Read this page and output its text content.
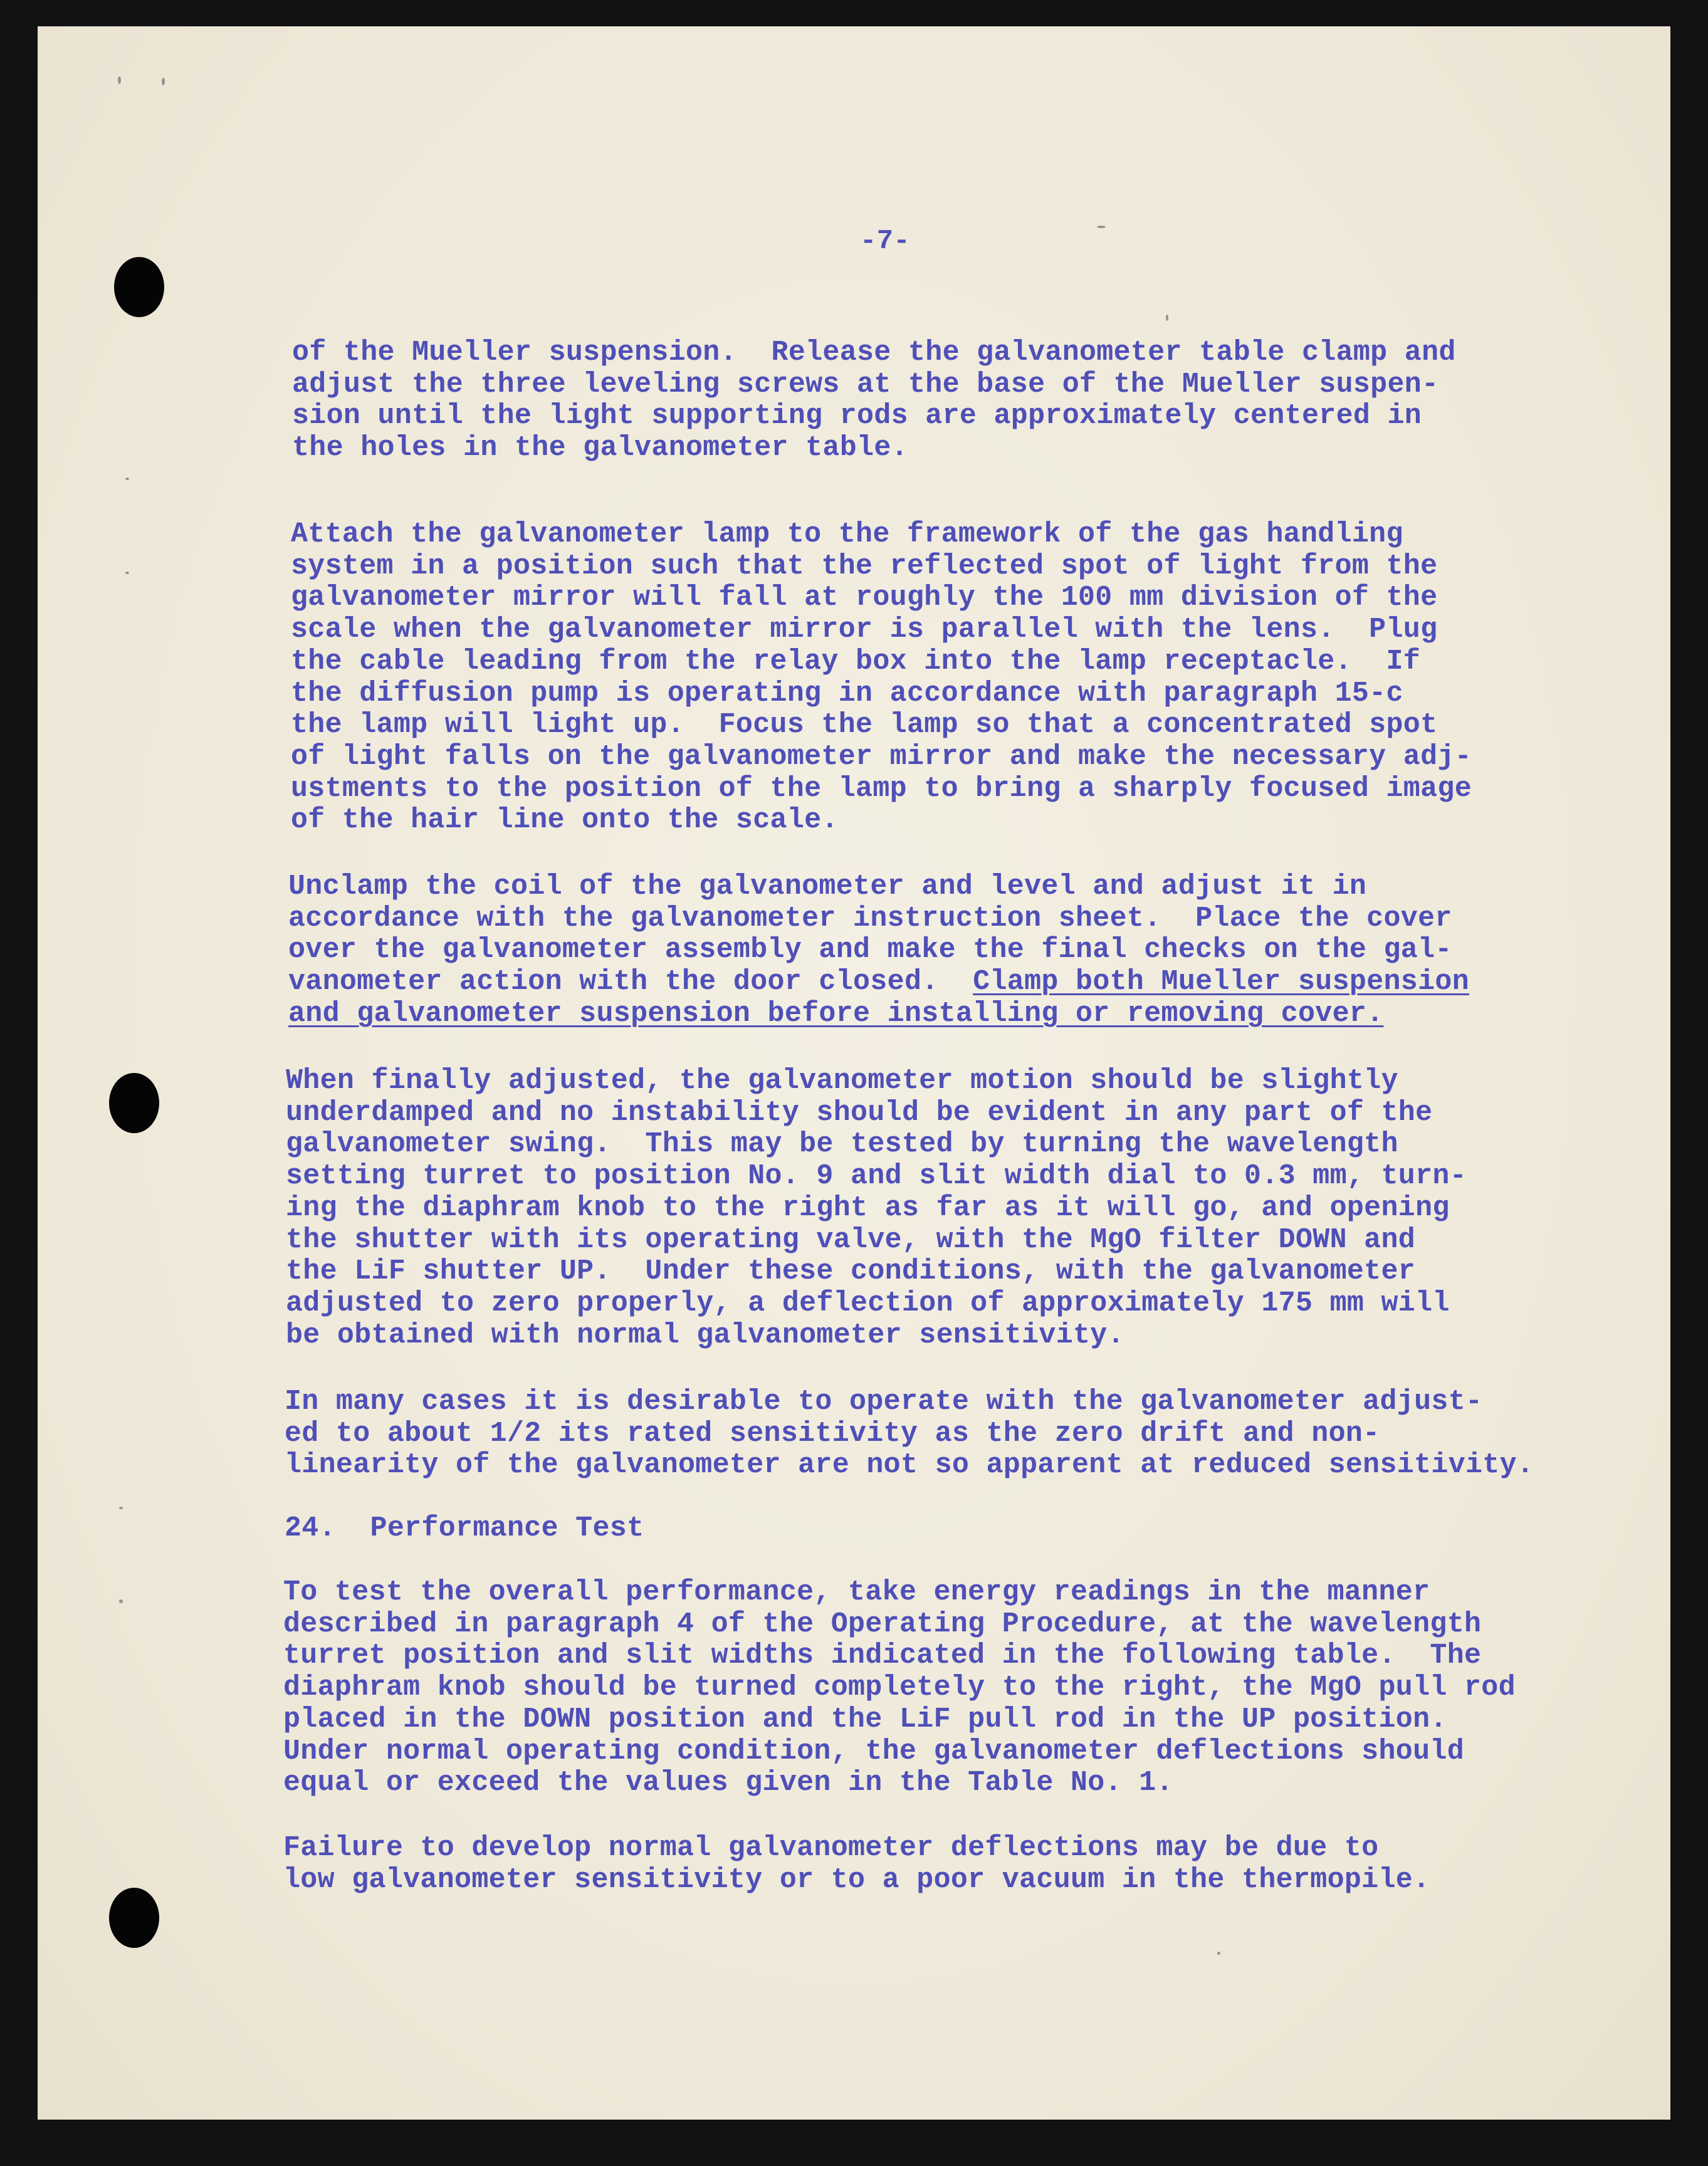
-7-

of the Mueller suspension.  Release the galvanometer table clamp and
adjust the three leveling screws at the base of the Mueller suspen-
sion until the light supporting rods are approximately centered in
the holes in the galvanometer table.

Attach the galvanometer lamp to the framework of the gas handling
system in a position such that the reflected spot of light from the
galvanometer mirror will fall at roughly the 100 mm division of the
scale when the galvanometer mirror is parallel with the lens.  Plug
the cable leading from the relay box into the lamp receptacle.  If
the diffusion pump is operating in accordance with paragraph 15-c
the lamp will light up.  Focus the lamp so that a concentrated spot
of light falls on the galvanometer mirror and make the necessary adj-
ustments to the position of the lamp to bring a sharply focused image
of the hair line onto the scale.

Unclamp the coil of the galvanometer and level and adjust it in
accordance with the galvanometer instruction sheet.  Place the cover
over the galvanometer assembly and make the final checks on the gal-
vanometer action with the door closed. Clamp both Mueller suspension
and galvanometer suspension before installing or removing cover.

When finally adjusted, the galvanometer motion should be slightly
underdamped and no instability should be evident in any part of the
galvanometer swing.  This may be tested by turning the wavelength
setting turret to position No. 9 and slit width dial to 0.3 mm, turn-
ing the diaphram knob to the right as far as it will go, and opening
the shutter with its operating valve, with the MgO filter DOWN and
the LiF shutter UP.  Under these conditions, with the galvanometer
adjusted to zero properly, a deflection of approximately 175 mm will
be obtained with normal galvanometer sensitivity.

In many cases it is desirable to operate with the galvanometer adjust-
ed to about 1/2 its rated sensitivity as the zero drift and non-
linearity of the galvanometer are not so apparent at reduced sensitivity.

24.  Performance Test

To test the overall performance, take energy readings in the manner
described in paragraph 4 of the Operating Procedure, at the wavelength
turret position and slit widths indicated in the following table.  The
diaphram knob should be turned completely to the right, the MgO pull rod
placed in the DOWN position and the LiF pull rod in the UP position.
Under normal operating condition, the galvanometer deflections should
equal or exceed the values given in the Table No. 1.

Failure to develop normal galvanometer deflections may be due to
low galvanometer sensitivity or to a poor vacuum in the thermopile.
